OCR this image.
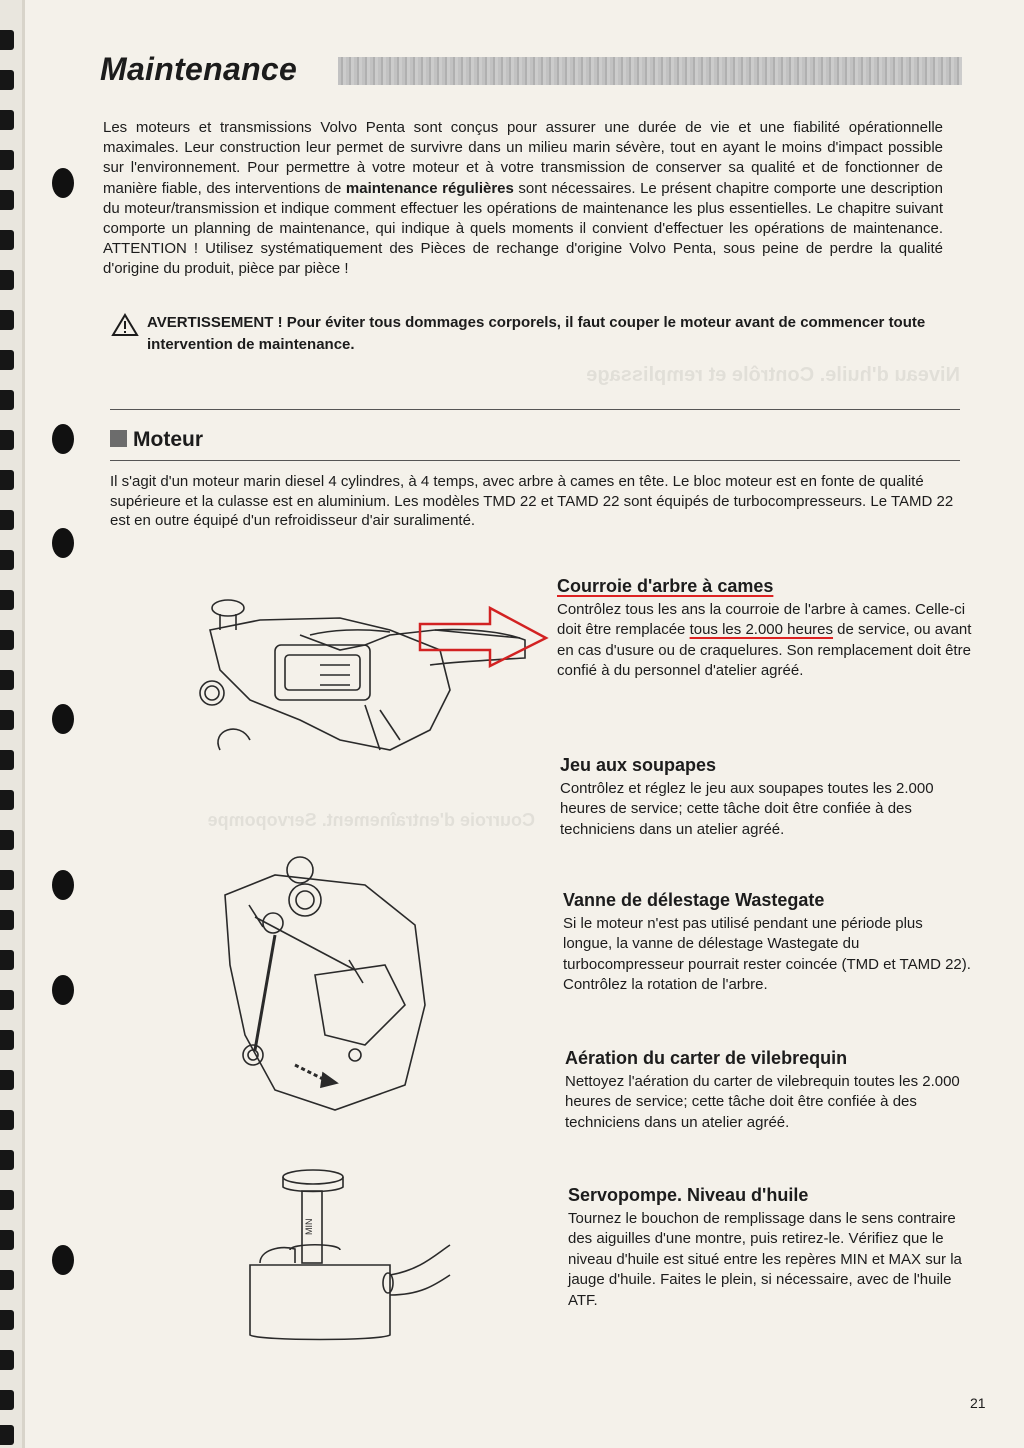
Maintenance
Les moteurs et transmissions Volvo Penta sont conçus pour assurer une durée de vie et une fiabilité opérationnelle maximales. Leur construction leur permet de survivre dans un milieu marin sévère, tout en ayant le moins d'impact possible sur l'environnement. Pour permettre à votre moteur et à votre transmission de conserver sa qualité et de fonctionner de manière fiable, des interventions de maintenance régulières sont nécessaires. Le présent chapitre comporte une description du moteur/transmission et indique comment effectuer les opérations de maintenance les plus essentielles. Le chapitre suivant comporte un planning de maintenance, qui indique à quels moments il convient d'effectuer les opérations de maintenance. ATTENTION ! Utilisez systématiquement des Pièces de rechange d'origine Volvo Penta, sous peine de perdre la qualité d'origine du produit, pièce par pièce !
AVERTISSEMENT ! Pour éviter tous dommages corporels, il faut couper le moteur avant de commencer toute intervention de maintenance.
Moteur
Il s'agit d'un moteur marin diesel 4 cylindres, à 4 temps, avec arbre à cames en tête. Le bloc moteur est en fonte de qualité supérieure et la culasse est en aluminium. Les modèles TMD 22 et TAMD 22 sont équipés de turbocompresseurs. Le TAMD 22 est en outre équipé d'un refroidisseur d'air suralimenté.
Niveau d'huile. Contrôle et remplissage
Courroie d'entraînement. Servopompe
MIN
Courroie d'arbre à cames

Contrôlez tous les ans la courroie de l'arbre à cames. Celle-ci doit être remplacée tous les 2.000 heures de service, ou avant en cas d'usure ou de craquelures. Son remplacement doit être confié à du personnel d'atelier agréé.

Jeu aux soupapes

Contrôlez et réglez le jeu aux soupapes toutes les 2.000 heures de service; cette tâche doit être confiée à des techniciens dans un atelier agréé.

Vanne de délestage Wastegate

Si le moteur n'est pas utilisé pendant une période plus longue, la vanne de délestage Wastegate du turbocompresseur pourrait rester coincée (TMD et TAMD 22). Contrôlez la rotation de l'arbre.

Aération du carter de vilebrequin

Nettoyez l'aération du carter de vilebrequin toutes les 2.000 heures de service; cette tâche doit être confiée à des techniciens dans un atelier agréé.

Servopompe. Niveau d'huile

Tournez le bouchon de remplissage dans le sens contraire des aiguilles d'une montre, puis retirez-le. Vérifiez que le niveau d'huile est situé entre les repères MIN et MAX sur la jauge d'huile. Faites le plein, si nécessaire, avec de l'huile ATF.

21
